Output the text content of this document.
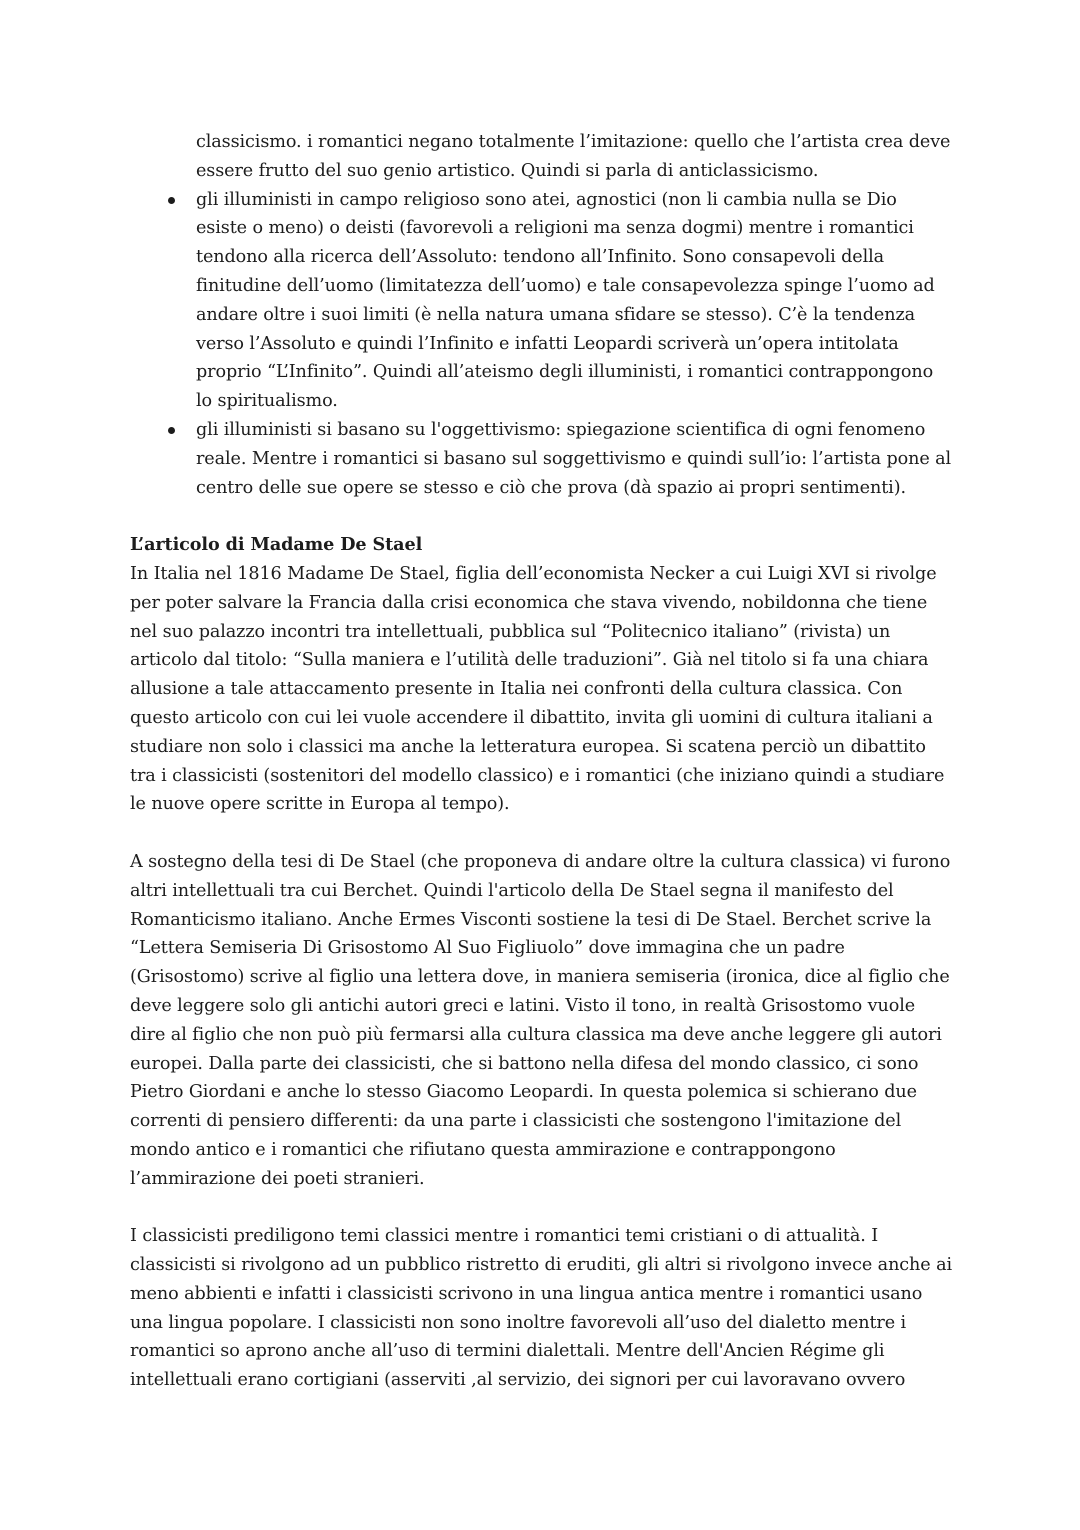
classicismo. i romantici negano totalmente l’imitazione: quello che l’artista crea deve essere frutto del suo genio artistico. Quindi si parla di anticlassicismo.

gli illuministi in campo religioso sono atei, agnostici (non li cambia nulla se Dio esiste o meno) o deisti (favorevoli a religioni ma senza dogmi) mentre i romantici tendono alla ricerca dell’Assoluto: tendono all’Infinito. Sono consapevoli della finitudine dell’uomo (limitatezza dell’uomo) e tale consapevolezza spinge l’uomo ad andare oltre i suoi limiti (è nella natura umana sfidare se stesso). C’è la tendenza verso l’Assoluto e quindi l’Infinito e infatti Leopardi scriverà un’opera intitolata proprio “L’Infinito”. Quindi all’ateismo degli illuministi, i romantici contrappongono lo spiritualismo.
gli illuministi si basano su l'oggettivismo: spiegazione scientifica di ogni fenomeno reale. Mentre i romantici si basano sul soggettivismo e quindi sull’io: l’artista pone al centro delle sue opere se stesso e ciò che prova (dà spazio ai propri sentimenti).
L’articolo di Madame De Stael

In Italia nel 1816 Madame De Stael, figlia dell’economista Necker a cui Luigi XVI si rivolge per poter salvare la Francia dalla crisi economica che stava vivendo, nobildonna che tiene nel suo palazzo incontri tra intellettuali, pubblica sul “Politecnico italiano” (rivista) un articolo dal titolo: “Sulla maniera e l’utilità delle traduzioni”. Già nel titolo si fa una chiara allusione a tale attaccamento presente in Italia nei confronti della cultura classica. Con questo articolo con cui lei vuole accendere il dibattito, invita gli uomini di cultura italiani a studiare non solo i classici ma anche la letteratura europea. Si scatena perciò un dibattito tra i classicisti (sostenitori del modello classico) e i romantici (che iniziano quindi a studiare le nuove opere scritte in Europa al tempo).

A sostegno della tesi di De Stael (che proponeva di andare oltre la cultura classica) vi furono altri intellettuali tra cui Berchet. Quindi l'articolo della De Stael segna il manifesto del Romanticismo italiano. Anche Ermes Visconti sostiene la tesi di De Stael. Berchet scrive la “Lettera Semiseria Di Grisostomo Al Suo Figliuolo” dove immagina che un padre (Grisostomo) scrive al figlio una lettera dove, in maniera semiseria (ironica, dice al figlio che deve leggere solo gli antichi autori greci e latini. Visto il tono, in realtà Grisostomo vuole dire al figlio che non può più fermarsi alla cultura classica ma deve anche leggere gli autori europei. Dalla parte dei classicisti, che si battono nella difesa del mondo classico, ci sono Pietro Giordani e anche lo stesso Giacomo Leopardi. In questa polemica si schierano due correnti di pensiero differenti: da una parte i classicisti che sostengono l'imitazione del mondo antico e i romantici che rifiutano questa ammirazione e contrappongono l’ammirazione dei poeti stranieri.

I classicisti prediligono temi classici mentre i romantici temi cristiani o di attualità. I classicisti si rivolgono ad un pubblico ristretto di eruditi, gli altri si rivolgono invece anche ai meno abbienti e infatti i classicisti scrivono in una lingua antica mentre i romantici usano una lingua popolare. I classicisti non sono inoltre favorevoli all’uso del dialetto mentre i romantici so aprono anche all’uso di termini dialettali. Mentre dell'Ancien Régime gli intellettuali erano cortigiani (asserviti ,al servizio, dei signori per cui lavoravano ovvero
